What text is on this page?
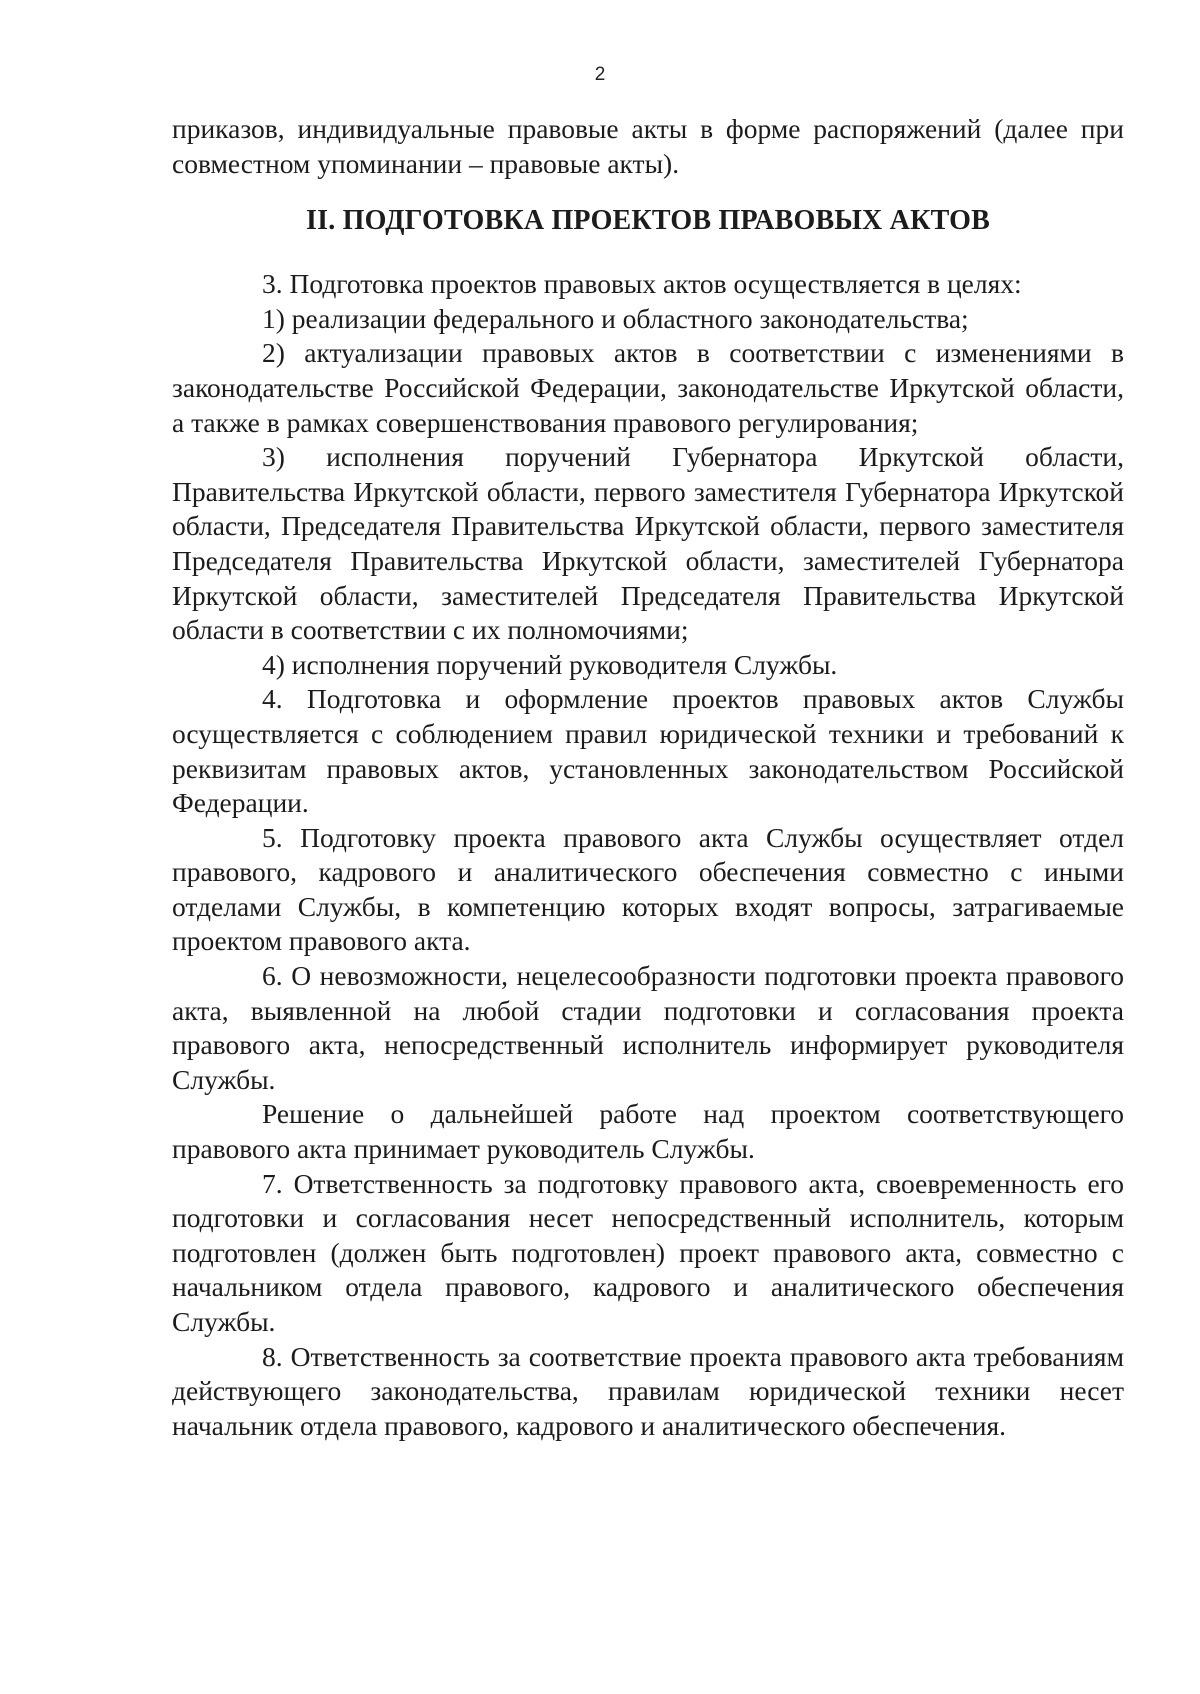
2

приказов, индивидуальные правовые акты в форме распоряжений (далее при совместном упоминании – правовые акты).

II. ПОДГОТОВКА ПРОЕКТОВ ПРАВОВЫХ АКТОВ

3. Подготовка проектов правовых актов осуществляется в целях:

1) реализации федерального и областного законодательства;

2) актуализации правовых актов в соответствии с изменениями в законодательстве Российской Федерации, законодательстве Иркутской области, а также в рамках совершенствования правового регулирования;

3) исполнения поручений Губернатора Иркутской области, Правительства Иркутской области, первого заместителя Губернатора Иркутской области, Председателя Правительства Иркутской области, первого заместителя Председателя Правительства Иркутской области, заместителей Губернатора Иркутской области, заместителей Председателя Правительства Иркутской области в соответствии с их полномочиями;

4) исполнения поручений руководителя Службы.

4. Подготовка и оформление проектов правовых актов Службы осуществляется с соблюдением правил юридической техники и требований к реквизитам правовых актов, установленных законодательством Российской Федерации.

5. Подготовку проекта правового акта Службы осуществляет отдел правового, кадрового и аналитического обеспечения совместно с иными отделами Службы, в компетенцию которых входят вопросы, затрагиваемые проектом правового акта.

6. О невозможности, нецелесообразности подготовки проекта правового акта, выявленной на любой стадии подготовки и согласования проекта правового акта, непосредственный исполнитель информирует руководителя Службы.

Решение о дальнейшей работе над проектом соответствующего правового акта принимает руководитель Службы.

7. Ответственность за подготовку правового акта, своевременность его подготовки и согласования несет непосредственный исполнитель, которым подготовлен (должен быть подготовлен) проект правового акта, совместно с начальником отдела правового, кадрового и аналитического обеспечения Службы.

8. Ответственность за соответствие проекта правового акта требованиям действующего законодательства, правилам юридической техники несет начальник отдела правового, кадрового и аналитического обеспечения.
